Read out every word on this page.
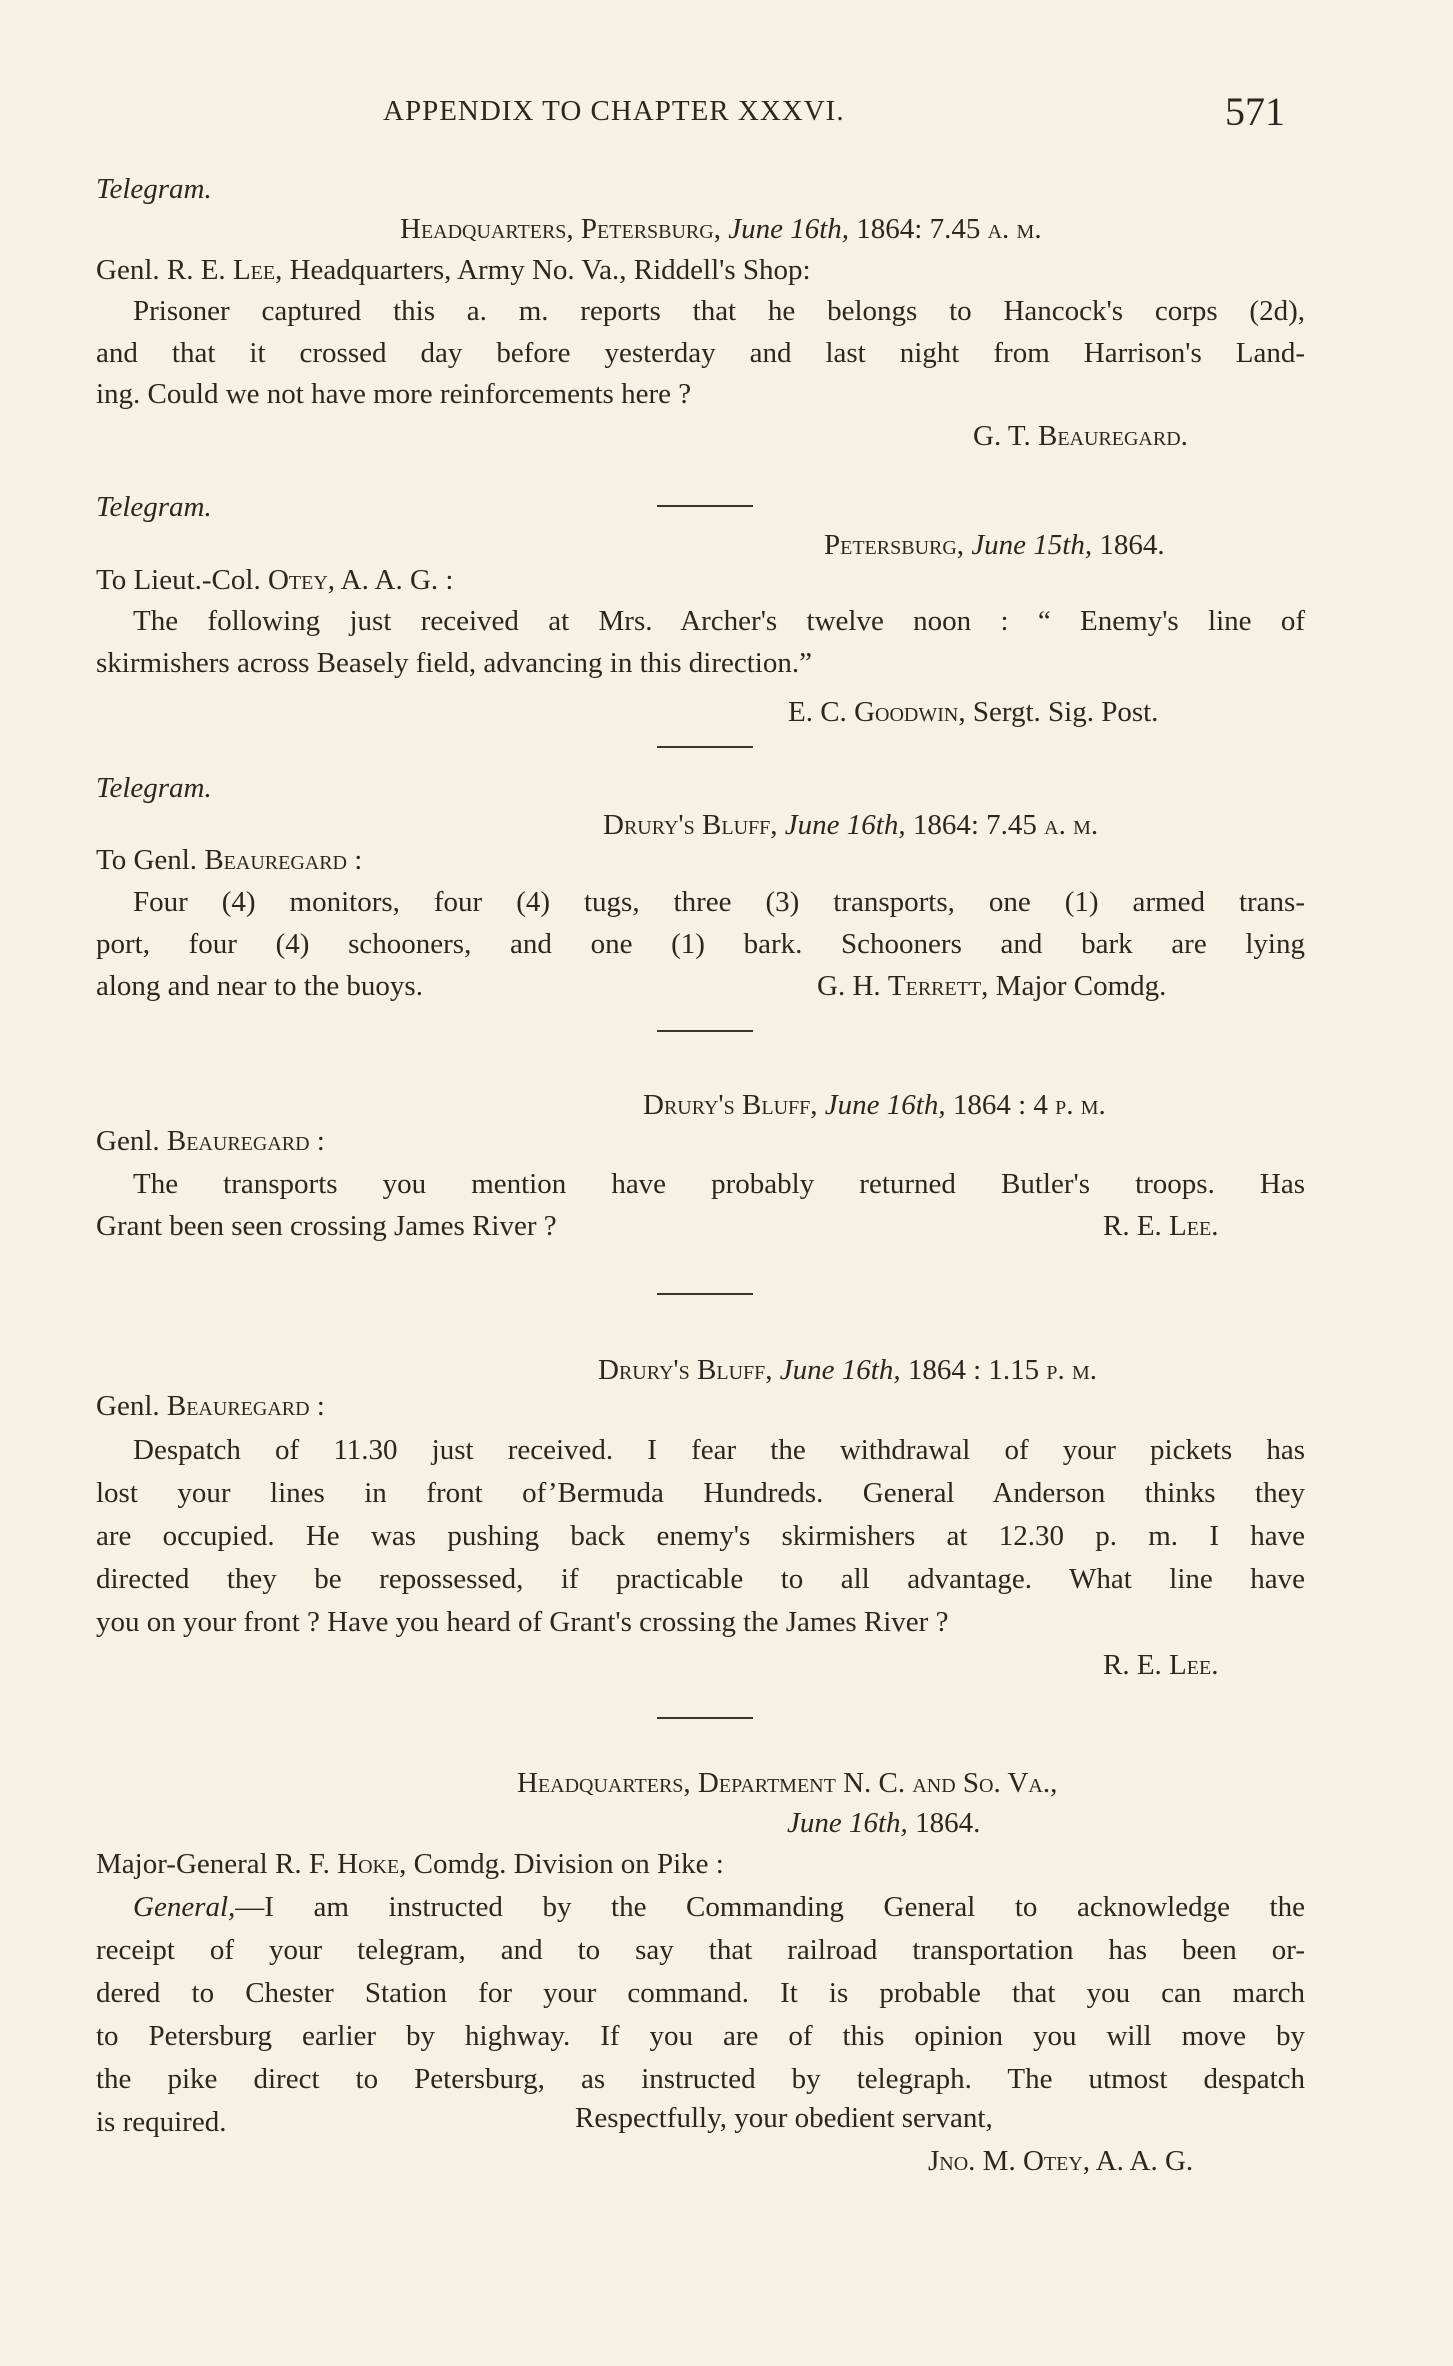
APPENDIX TO CHAPTER XXXVI.	571
Telegram.
Headquarters, Petersburg, June 16th, 1864: 7.45 a. m.
Genl. R. E. Lee, Headquarters, Army No. Va., Riddell's Shop:
Prisoner captured this a. m. reports that he belongs to Hancock's corps (2d),
and that it crossed day before yesterday and last night from Harrison's Land-
ing. Could we not have more reinforcements here ?
G. T. Beauregard.
Telegram.
Petersburg, June 15th, 1864.
To Lieut.-Col. Otey, A. A. G. :
The following just received at Mrs. Archer's twelve noon : “ Enemy's line of
skirmishers across Beasely field, advancing in this direction.”
E. C. Goodwin, Sergt. Sig. Post.
Telegram.
Drury's Bluff, June 16th, 1864: 7.45 a. m.
To Genl. Beauregard :
Four (4) monitors, four (4) tugs, three (3) transports, one (1) armed trans-
port, four (4) schooners, and one (1) bark. Schooners and bark are lying
along and near to the buoys.	G. H. Terrett, Major Comdg.
Drury's Bluff, June 16th, 1864 : 4 p. m.
Genl. Beauregard :
The transports you mention have probably returned Butler's troops. Has
Grant been seen crossing James River ?	R. E. Lee.
Drury's Bluff, June 16th, 1864 : 1.15 p. m.
Genl. Beauregard :
Despatch of 11.30 just received. I fear the withdrawal of your pickets has
lost your lines in front of’Bermuda Hundreds. General Anderson thinks they
are occupied. He was pushing back enemy's skirmishers at 12.30 p. m. I have
directed they be repossessed, if practicable to all advantage. What line have
you on your front ? Have you heard of Grant's crossing the James River ?
R. E. Lee.
Headquarters, Department N. C. and So. Va.,
June 16th, 1864.
Major-General R. F. Hoke, Comdg. Division on Pike :
General,—I am instructed by the Commanding General to acknowledge the
receipt of your telegram, and to say that railroad transportation has been or-
dered to Chester Station for your command. It is probable that you can march
to Petersburg earlier by highway. If you are of this opinion you will move by
the pike direct to Petersburg, as instructed by telegraph. The utmost despatch
is required.	Respectfully, your obedient servant,
Jno. M. Otey, A. A. G.
